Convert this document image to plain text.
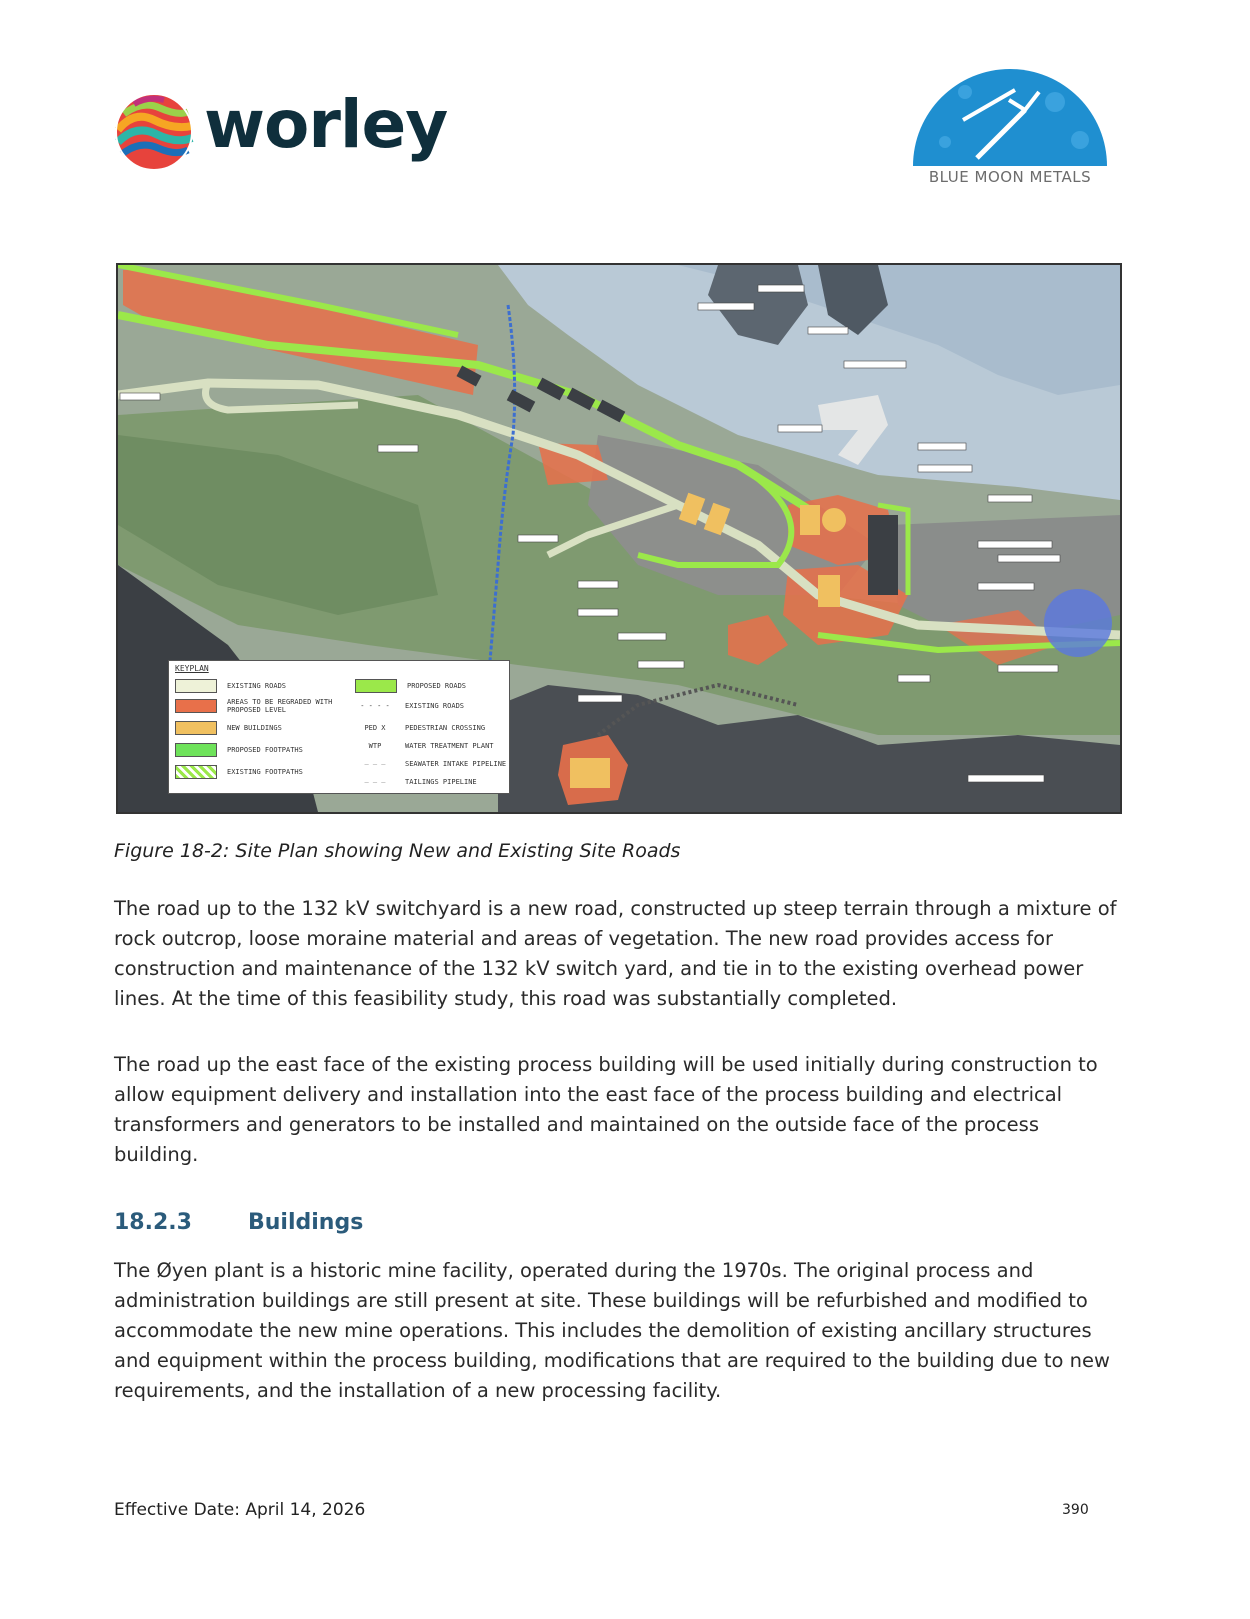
worley
BLUE MOON METALS
KEYPLAN
EXISTING ROADS
AREAS TO BE REGRADED WITH PROPOSED LEVEL
NEW BUILDINGS
PROPOSED FOOTPATHS
EXISTING FOOTPATHS
PROPOSED ROADS
- - - -	EXISTING ROADS
PED X	PEDESTRIAN CROSSING
WTP	WATER TREATMENT PLANT
— — —	SEAWATER INTAKE PIPELINE
— — —	TAILINGS PIPELINE
Figure 18-2: Site Plan showing New and Existing Site Roads

The road up to the 132 kV switchyard is a new road, constructed up steep terrain through a mixture of rock outcrop, loose moraine material and areas of vegetation. The new road provides access for construction and maintenance of the 132 kV switch yard, and tie in to the existing overhead power lines. At the time of this feasibility study, this road was substantially completed.

The road up the east face of the existing process building will be used initially during construction to allow equipment delivery and installation into the east face of the process building and electrical transformers and generators to be installed and maintained on the outside face of the process building.

18.2.3	Buildings

The Øyen plant is a historic mine facility, operated during the 1970s. The original process and administration buildings are still present at site. These buildings will be refurbished and modified to accommodate the new mine operations. This includes the demolition of existing ancillary structures and equipment within the process building, modifications that are required to the building due to new requirements, and the installation of a new processing facility.

Effective Date: April 14, 2026	390
